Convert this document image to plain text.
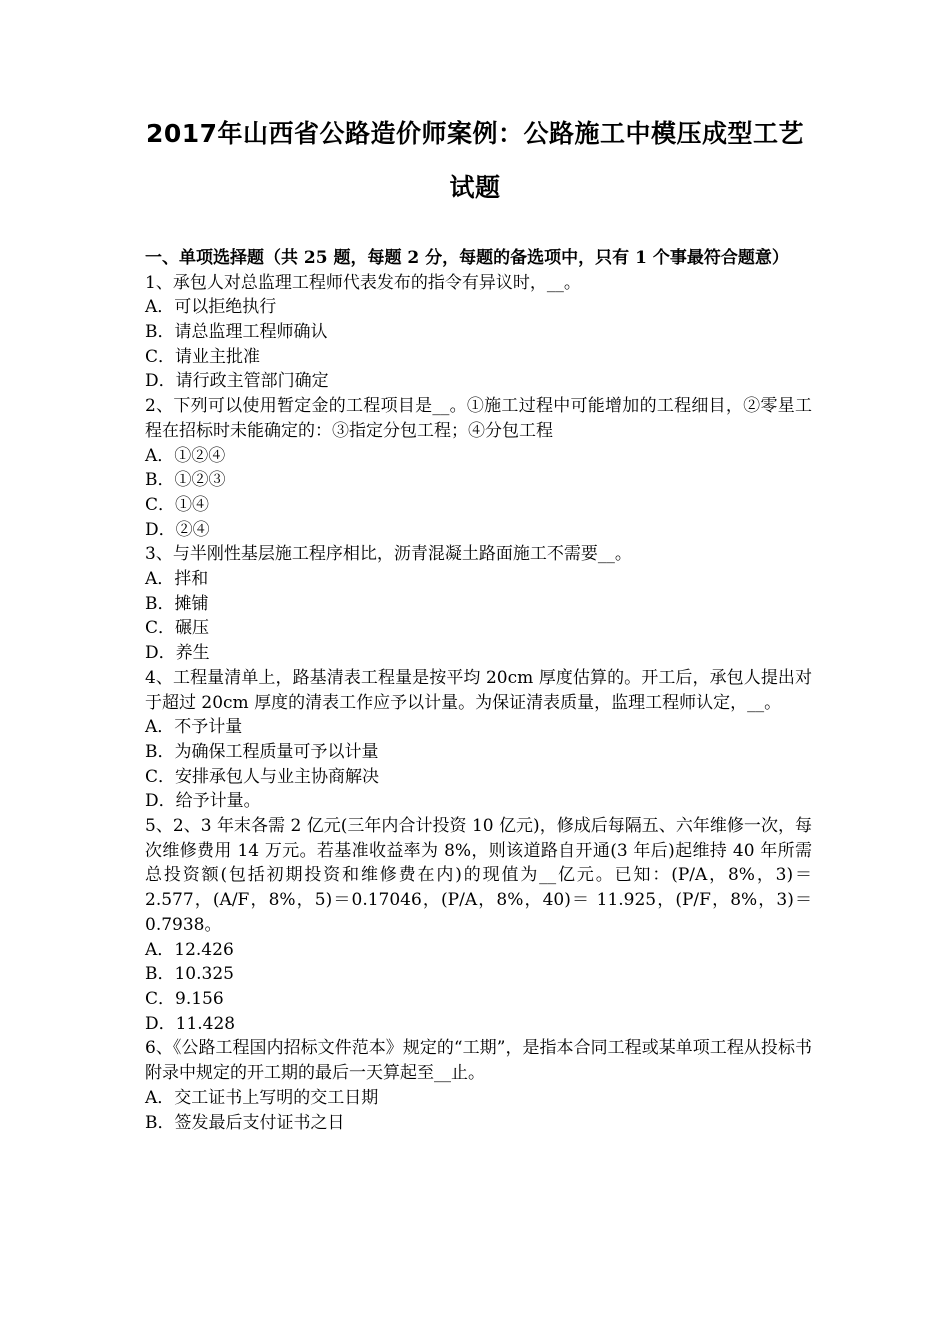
2017年山西省公路造价师案例：公路施工中模压成型工艺
试题
一、单项选择题（共 25 题，每题 2 分，每题的备选项中，只有 1 个事最符合题意）
1、承包人对总监理工程师代表发布的指令有异议时，__。
A．可以拒绝执行
B．请总监理工程师确认
C．请业主批准
D．请行政主管部门确定
2、下列可以使用暂定金的工程项目是__。①施工过程中可能增加的工程细目，②零星工程在招标时未能确定的：③指定分包工程；④分包工程
A．①②④
B．①②③
C．①④
D．②④
3、与半刚性基层施工程序相比，沥青混凝土路面施工不需要__。
A．拌和
B．摊铺
C．碾压
D．养生
4、工程量清单上，路基清表工程量是按平均 20cm 厚度估算的。开工后，承包人提出对于超过 20cm 厚度的清表工作应予以计量。为保证清表质量，监理工程师认定，__。
A．不予计量
B．为确保工程质量可予以计量
C．安排承包人与业主协商解决
D．给予计量。
5、2、3 年末各需 2 亿元(三年内合计投资 10 亿元)，修成后每隔五、六年维修一次，每次维修费用 14 万元。若基准收益率为 8%，则该道路自开通(3 年后)起维持 40 年所需总投资额(包括初期投资和维修费在内)的现值为__亿元。已知：(P/A，8%，3)＝2.577，(A/F，8%，5)＝0.17046，(P/A，8%，40)＝ 11.925，(P/F，8%，3)＝0.7938。
A．12.426
B．10.325
C．9.156
D．11.428
6、《公路工程国内招标文件范本》规定的“工期”，是指本合同工程或某单项工程从投标书附录中规定的开工期的最后一天算起至__止。
A．交工证书上写明的交工日期
B．签发最后支付证书之日
